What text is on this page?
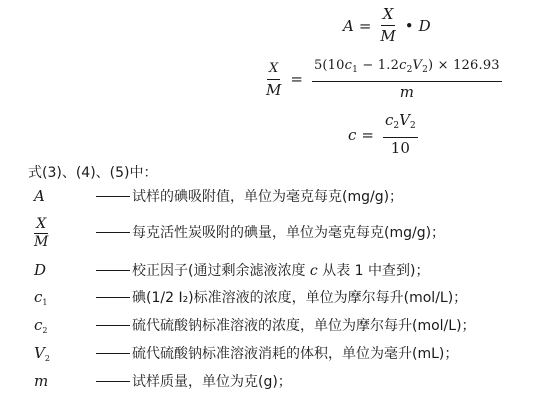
$A = \frac{X}{M}$ • D
$\frac{X}{M} = \frac{5(10c_1 - 1.2c_2V_2) \times 126.93}{m}$
$c = \frac{c_2V_2}{10}$
式(3)、(4)、(5)中：
A	试样的碘吸附值，单位为毫克每克(mg/g)；
$\frac{X}{M}$	每克活性炭吸附的碘量，单位为毫克每克(mg/g)；
D	校正因子(通过剩余滤液浓度 c 从表 1 中查到)；
$c_1$	碘(1/2 I₂)标准溶液的浓度，单位为摩尔每升(mol/L)；
$c_2$	硫代硫酸钠标准溶液的浓度，单位为摩尔每升(mol/L)；
$V_2$	硫代硫酸钠标准溶液消耗的体积，单位为毫升(mL)；
m	试样质量，单位为克(g)；
